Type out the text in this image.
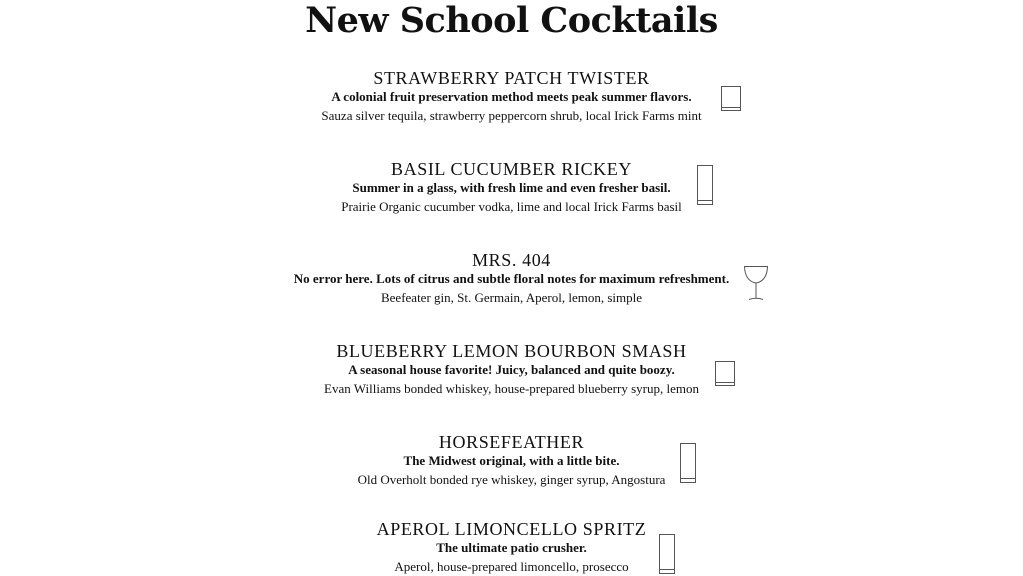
New School Cocktails
STRAWBERRY PATCH TWISTER
A colonial fruit preservation method meets peak summer flavors.
Sauza silver tequila, strawberry peppercorn shrub, local Irick Farms mint
BASIL CUCUMBER RICKEY
Summer in a glass, with fresh lime and even fresher basil.
Prairie Organic cucumber vodka, lime and local Irick Farms basil
MRS. 404
No error here. Lots of citrus and subtle floral notes for maximum refreshment.
Beefeater gin, St. Germain, Aperol, lemon, simple
BLUEBERRY LEMON BOURBON SMASH
A seasonal house favorite! Juicy, balanced and quite boozy.
Evan Williams bonded whiskey, house-prepared blueberry syrup, lemon
HORSEFEATHER
The Midwest original, with a little bite.
Old Overholt bonded rye whiskey, ginger syrup, Angostura
APEROL LIMONCELLO SPRITZ
The ultimate patio crusher.
Aperol, house-prepared limoncello, prosecco
